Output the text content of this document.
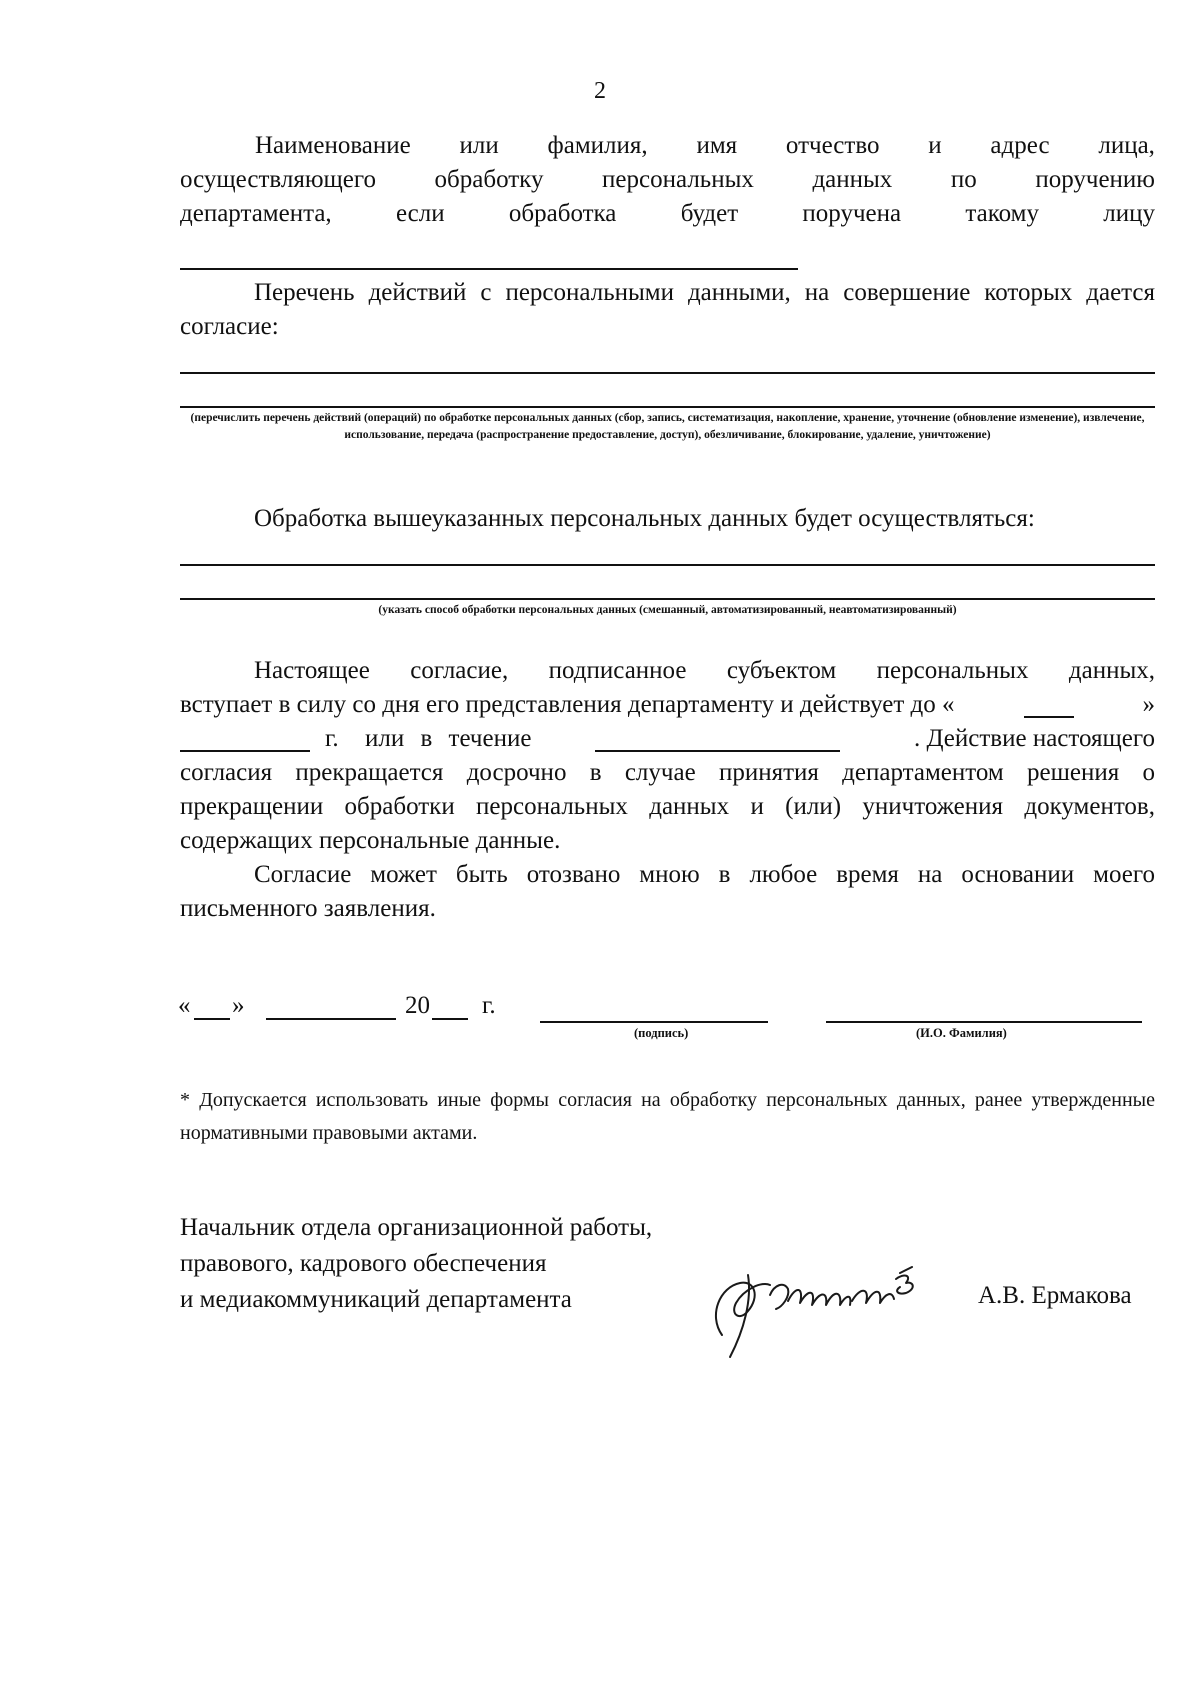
2
Наименование или фамилия, имя отчество и адрес лица,
осуществляющего обработку персональных данных по поручению
департамента,	если	обработка	будет	поручена	такому	лицу
Перечень действий с персональными данными, на совершение которых дается согласие:
(перечислить перечень действий (операций) по обработке персональных данных (сбор, запись, систематизация, накопление, хранение, уточнение (обновление изменение), извлечение, использование, передача (распространение предоставление, доступ), обезличивание, блокирование, удаление, уничтожение)
Обработка вышеуказанных персональных данных будет осуществляться:
(указать способ обработки персональных данных (смешанный, автоматизированный, неавтоматизированный)
Настоящее согласие, подписанное субъектом персональных данных,
вступает в силу со дня его представления департаменту и действует до «	»
г. или в течение	. Действие настоящего
согласия прекращается досрочно в случае принятия департаментом решения о прекращении обработки персональных данных и (или) уничтожения документов, содержащих персональные данные.
Согласие может быть отозвано мною в любое время на основании моего письменного заявления.
« »	20 г.
(подпись)	(И.О. Фамилия)
* Допускается использовать иные формы согласия на обработку персональных данных, ранее утвержденные нормативными правовыми актами.
Начальник отдела организационной работы,
правового, кадрового обеспечения
и медиакоммуникаций департамента	А.В. Ермакова
